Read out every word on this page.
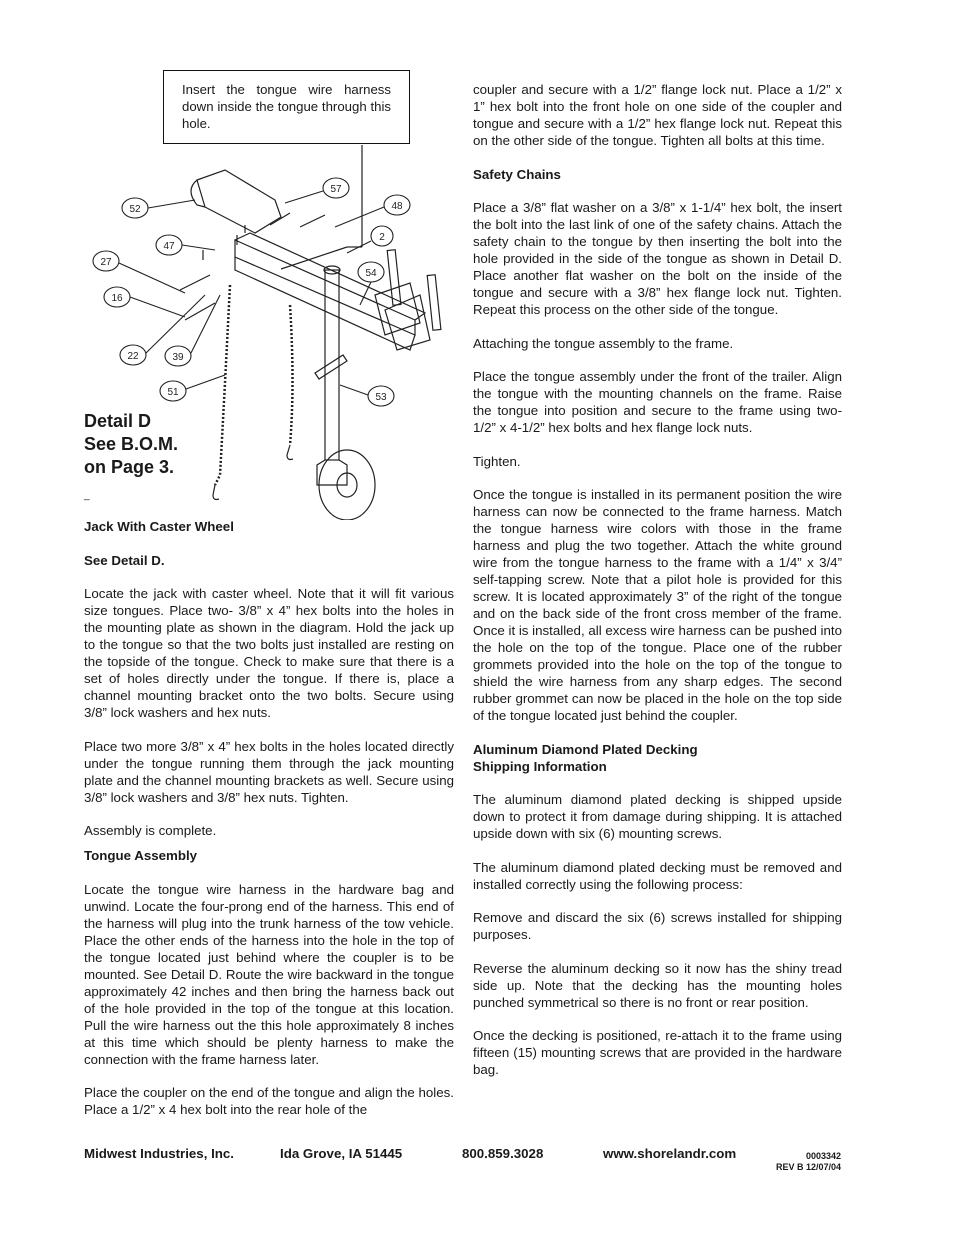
Insert the tongue wire harness down inside the tongue through this hole.
57
52	48
47
2
27
54
16
22	39
51	53
Detail D
See B.O.M.
on Page 3.
_
Jack With Caster Wheel
See Detail D.

Locate the jack with caster wheel. Note that it will fit various size tongues. Place two- 3/8” x 4” hex bolts into the holes in the mounting plate as shown in the diagram. Hold the jack up to the tongue so that the two bolts just installed are resting on the topside of the tongue. Check to make sure that there is a set of holes directly under the tongue. If there is, place a channel mounting bracket onto the two bolts. Secure using 3/8” lock washers and hex nuts.

Place two more 3/8” x 4” hex bolts in the holes located directly under the tongue running them through the jack mounting plate and the channel mounting brackets as well. Secure using 3/8” lock washers and 3/8” hex nuts. Tighten.

Assembly is complete.

Tongue Assembly

Locate the tongue wire harness in the hardware bag and unwind. Locate the four-prong end of the harness. This end of the harness will plug into the trunk harness of the tow vehicle. Place the other ends of the harness into the hole in the top of the tongue located just behind where the coupler is to be mounted. See Detail D. Route the wire backward in the tongue approximately 42 inches and then bring the harness back out of the hole provided in the top of the tongue at this location. Pull the wire harness out the this hole approximately 8 inches at this time which should be plenty harness to make the connection with the frame harness later.

Place the coupler on the end of the tongue and align the holes. Place a 1/2” x 4 hex bolt into the rear hole of the

coupler and secure with a 1/2” flange lock nut. Place a 1/2” x 1” hex bolt into the front hole on one side of the coupler and tongue and secure with a 1/2” hex flange lock nut. Repeat this on the other side of the tongue. Tighten all bolts at this time.

Safety Chains

Place a 3/8” flat washer on a 3/8” x 1-1/4” hex bolt, the insert the bolt into the last link of one of the safety chains. Attach the safety chain to the tongue by then inserting the bolt into the hole provided in the side of the tongue as shown in Detail D. Place another flat washer on the bolt on the inside of the tongue and secure with a 3/8” hex flange lock nut. Tighten. Repeat this process on the other side of the tongue.

Attaching the tongue assembly to the frame.

Place the tongue assembly under the front of the trailer. Align the tongue with the mounting channels on the frame. Raise the tongue into position and secure to the frame using two- 1/2” x 4-1/2” hex bolts and hex flange lock nuts.

Tighten.

Once the tongue is installed in its permanent position the wire harness can now be connected to the frame harness. Match the tongue harness wire colors with those in the frame harness and plug the two together. Attach the white ground wire from the tongue harness to the frame with a 1/4” x 3/4” self-tapping screw. Note that a pilot hole is provided for this screw. It is located approximately 3” of the right of the tongue and on the back side of the front cross member of the frame. Once it is installed, all excess wire harness can be pushed into the hole on the top of the tongue. Place one of the rubber grommets provided into the hole on the top of the tongue to shield the wire harness from any sharp edges. The second rubber grommet can now be placed in the hole on the top side of the tongue located just behind the coupler.

Aluminum Diamond Plated Decking
Shipping Information

The aluminum diamond plated decking is shipped upside down to protect it from damage during shipping. It is attached upside down with six (6) mounting screws.

The aluminum diamond plated decking must be removed and installed correctly using the following process:

Remove and discard the six (6) screws installed for shipping purposes.

Reverse the aluminum decking so it now has the shiny tread side up. Note that the decking has the mounting holes punched symmetrical so there is no front or rear position.

Once the decking is positioned, re-attach it to the frame using fifteen (15) mounting screws that are provided in the hardware bag.

Midwest Industries, Inc.	Ida Grove, IA 51445	800.859.3028	www.shorelandr.com	0003342
REV B 12/07/04
